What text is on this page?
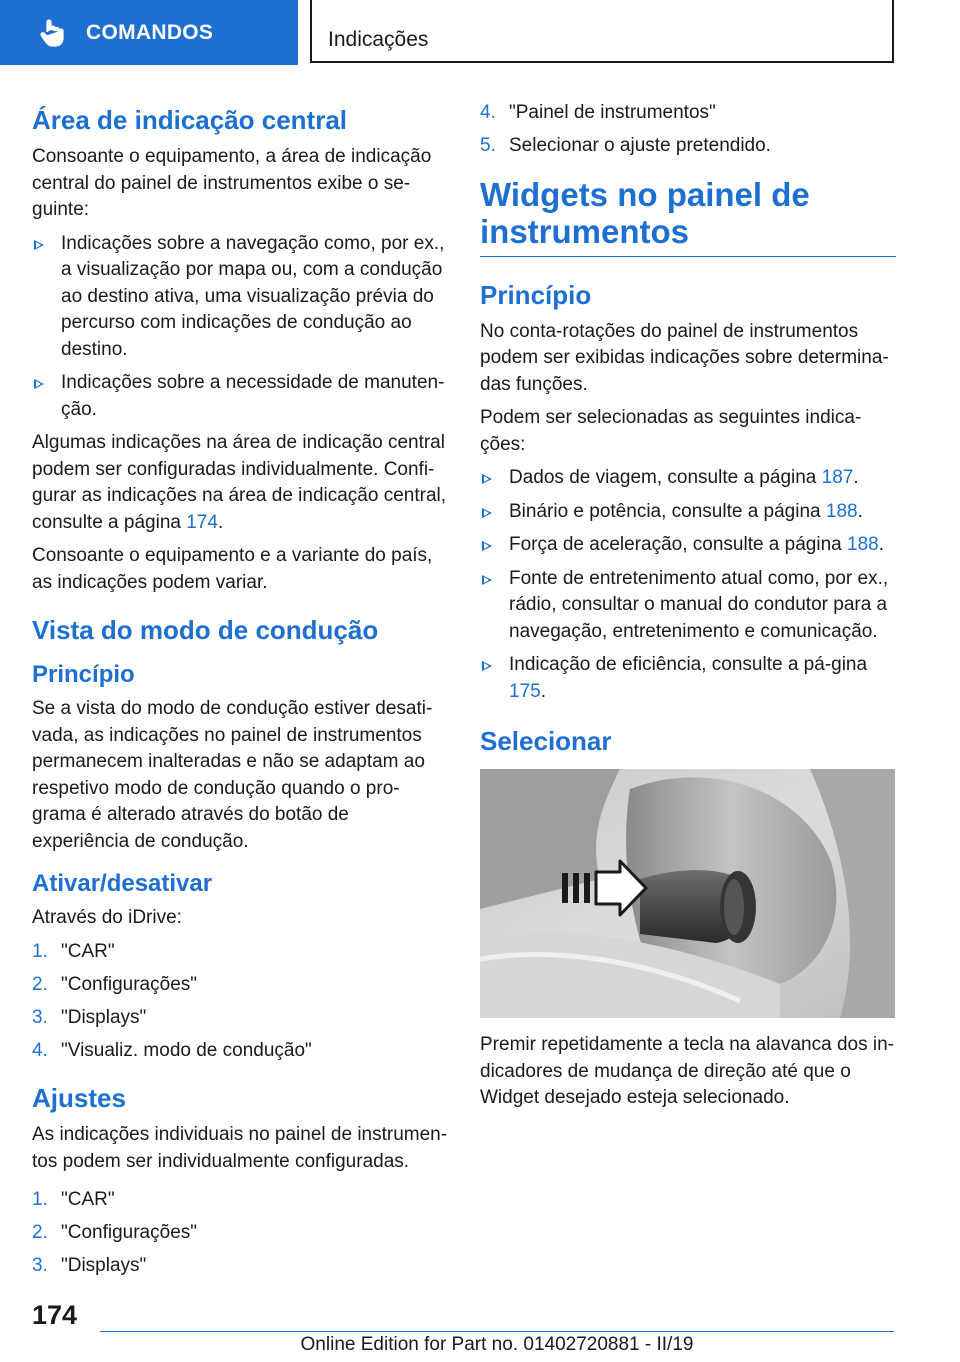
COMANDOS	Indicações
Área de indicação central

Consoante o equipamento, a área de indicação central do painel de instrumentos exibe o se-guinte:

Indicações sobre a navegação como, por ex., a visualização por mapa ou, com a condução ao destino ativa, uma visualização prévia do percurso com indicações de condução ao destino.
Indicações sobre a necessidade de manuten-ção.

Algumas indicações na área de indicação central podem ser configuradas individualmente. Confi-gurar as indicações na área de indicação central, consulte a página 174.

Consoante o equipamento e a variante do país, as indicações podem variar.

Vista do modo de condução
Princípio

Se a vista do modo de condução estiver desati-vada, as indicações no painel de instrumentos permanecem inalteradas e não se adaptam ao respetivo modo de condução quando o pro-grama é alterado através do botão de experiência de condução.

Ativar/desativar

Através do iDrive:

1. "CAR"
2. "Configurações"
3. "Displays"
4. "Visualiz. modo de condução"
Ajustes

As indicações individuais no painel de instrumen-tos podem ser individualmente configuradas.

1. "CAR"
2. "Configurações"
3. "Displays"
4. "Painel de instrumentos"
5. Selecionar o ajuste pretendido.
Widgets no painel de instrumentos
Princípio

No conta-rotações do painel de instrumentos podem ser exibidas indicações sobre determina-das funções.

Podem ser selecionadas as seguintes indica-ções:

Dados de viagem, consulte a página 187.
Binário e potência, consulte a página 188.
Força de aceleração, consulte a página 188.
Fonte de entretenimento atual como, por ex., rádio, consultar o manual do condutor para a navegação, entretenimento e comunicação.
Indicação de eficiência, consulte a pá-gina 175.
Selecionar

Premir repetidamente a tecla na alavanca dos in-dicadores de mudança de direção até que o Widget desejado esteja selecionado.

174
Online Edition for Part no. 01402720881 - II/19
